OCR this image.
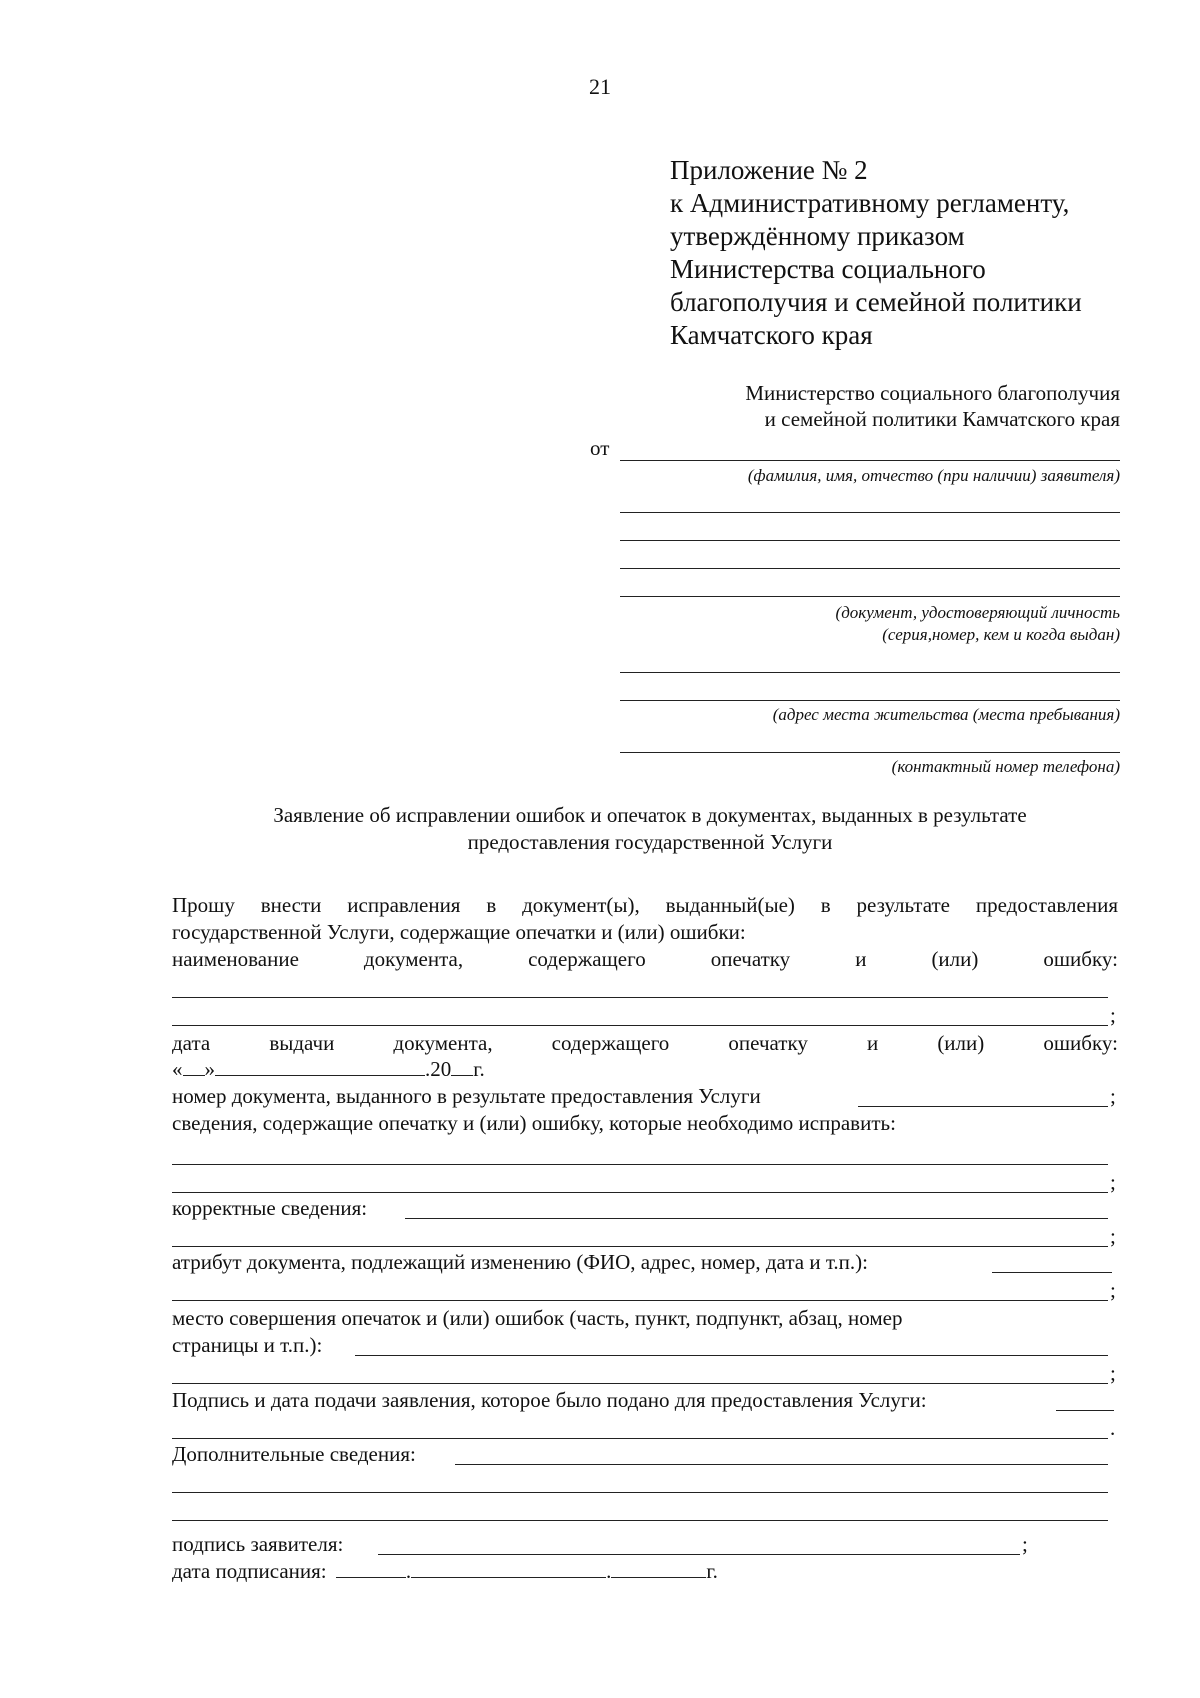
21
Приложение № 2
к Административному регламенту,
утверждённому приказом
Министерства социального
благополучия и семейной политики
Камчатского края
Министерство социального благополучия
и семейной политики Камчатского края
от
(фамилия, имя, отчество (при наличии) заявителя)
(документ, удостоверяющий личность
(серия,номер, кем и когда выдан)
(адрес места жительства (места пребывания)
(контактный номер телефона)
Заявление об исправлении ошибок и опечаток в документах, выданных в результате
предоставления государственной Услуги
Прошу внести исправления в документ(ы), выданный(ые) в результате предоставления
государственной Услуги, содержащие опечатки и (или) ошибки:
наименование	документа,	содержащего	опечатку	и	(или)	ошибку:
;
дата	выдачи	документа,	содержащего	опечатку	и	(или)	ошибку:
« »	.20 г.
номер документа, выданного в результате предоставления Услуги	;
сведения, содержащие опечатку и (или) ошибку, которые необходимо исправить:
;
корректные сведения:
;
атрибут документа, подлежащий изменению (ФИО, адрес, номер, дата и т.п.):
;
место совершения опечаток и (или) ошибок (часть, пункт, подпункт, абзац, номер
страницы и т.п.):
;
Подпись и дата подачи заявления, которое было подано для предоставления Услуги:
.
Дополнительные сведения:
подпись заявителя:	;
дата подписания:	.	.	г.
